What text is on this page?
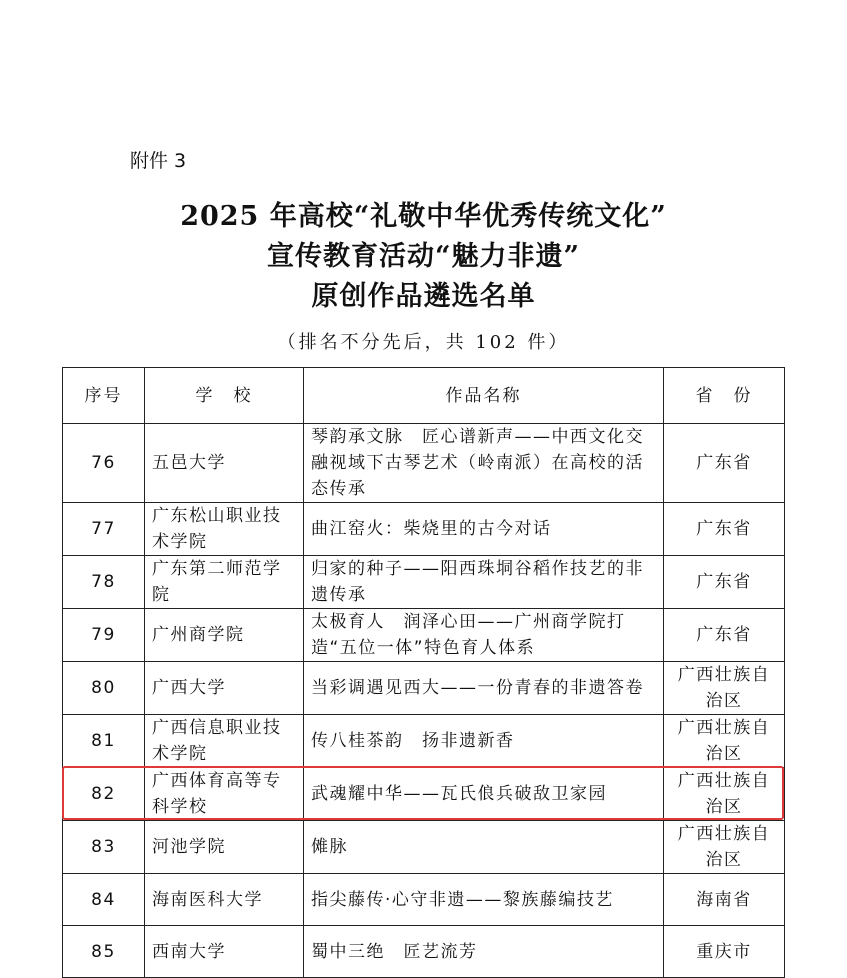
附件 3
2025 年高校“礼敬中华优秀传统文化”
宣传教育活动“魅力非遗”
原创作品遴选名单
（排名不分先后，共 102 件）
序号	学　校	作品名称	省　份
76	五邑大学	琴韵承文脉　匠心谱新声——中西文化交融视域下古琴艺术（岭南派）在高校的活态传承	广东省
77	广东松山职业技术学院	曲江窑火：柴烧里的古今对话	广东省
78	广东第二师范学院	归家的种子——阳西珠垌谷稻作技艺的非遗传承	广东省
79	广州商学院	太极育人　润泽心田——广州商学院打造“五位一体”特色育人体系	广东省
80	广西大学	当彩调遇见西大——一份青春的非遗答卷	广西壮族自治区
81	广西信息职业技术学院	传八桂茶韵　扬非遗新香	广西壮族自治区
82	广西体育高等专科学校	武魂耀中华——瓦氏俍兵破敌卫家园	广西壮族自治区
83	河池学院	傩脉	广西壮族自治区
84	海南医科大学	指尖藤传·心守非遗——黎族藤编技艺	海南省
85	西南大学	蜀中三绝　匠艺流芳	重庆市
